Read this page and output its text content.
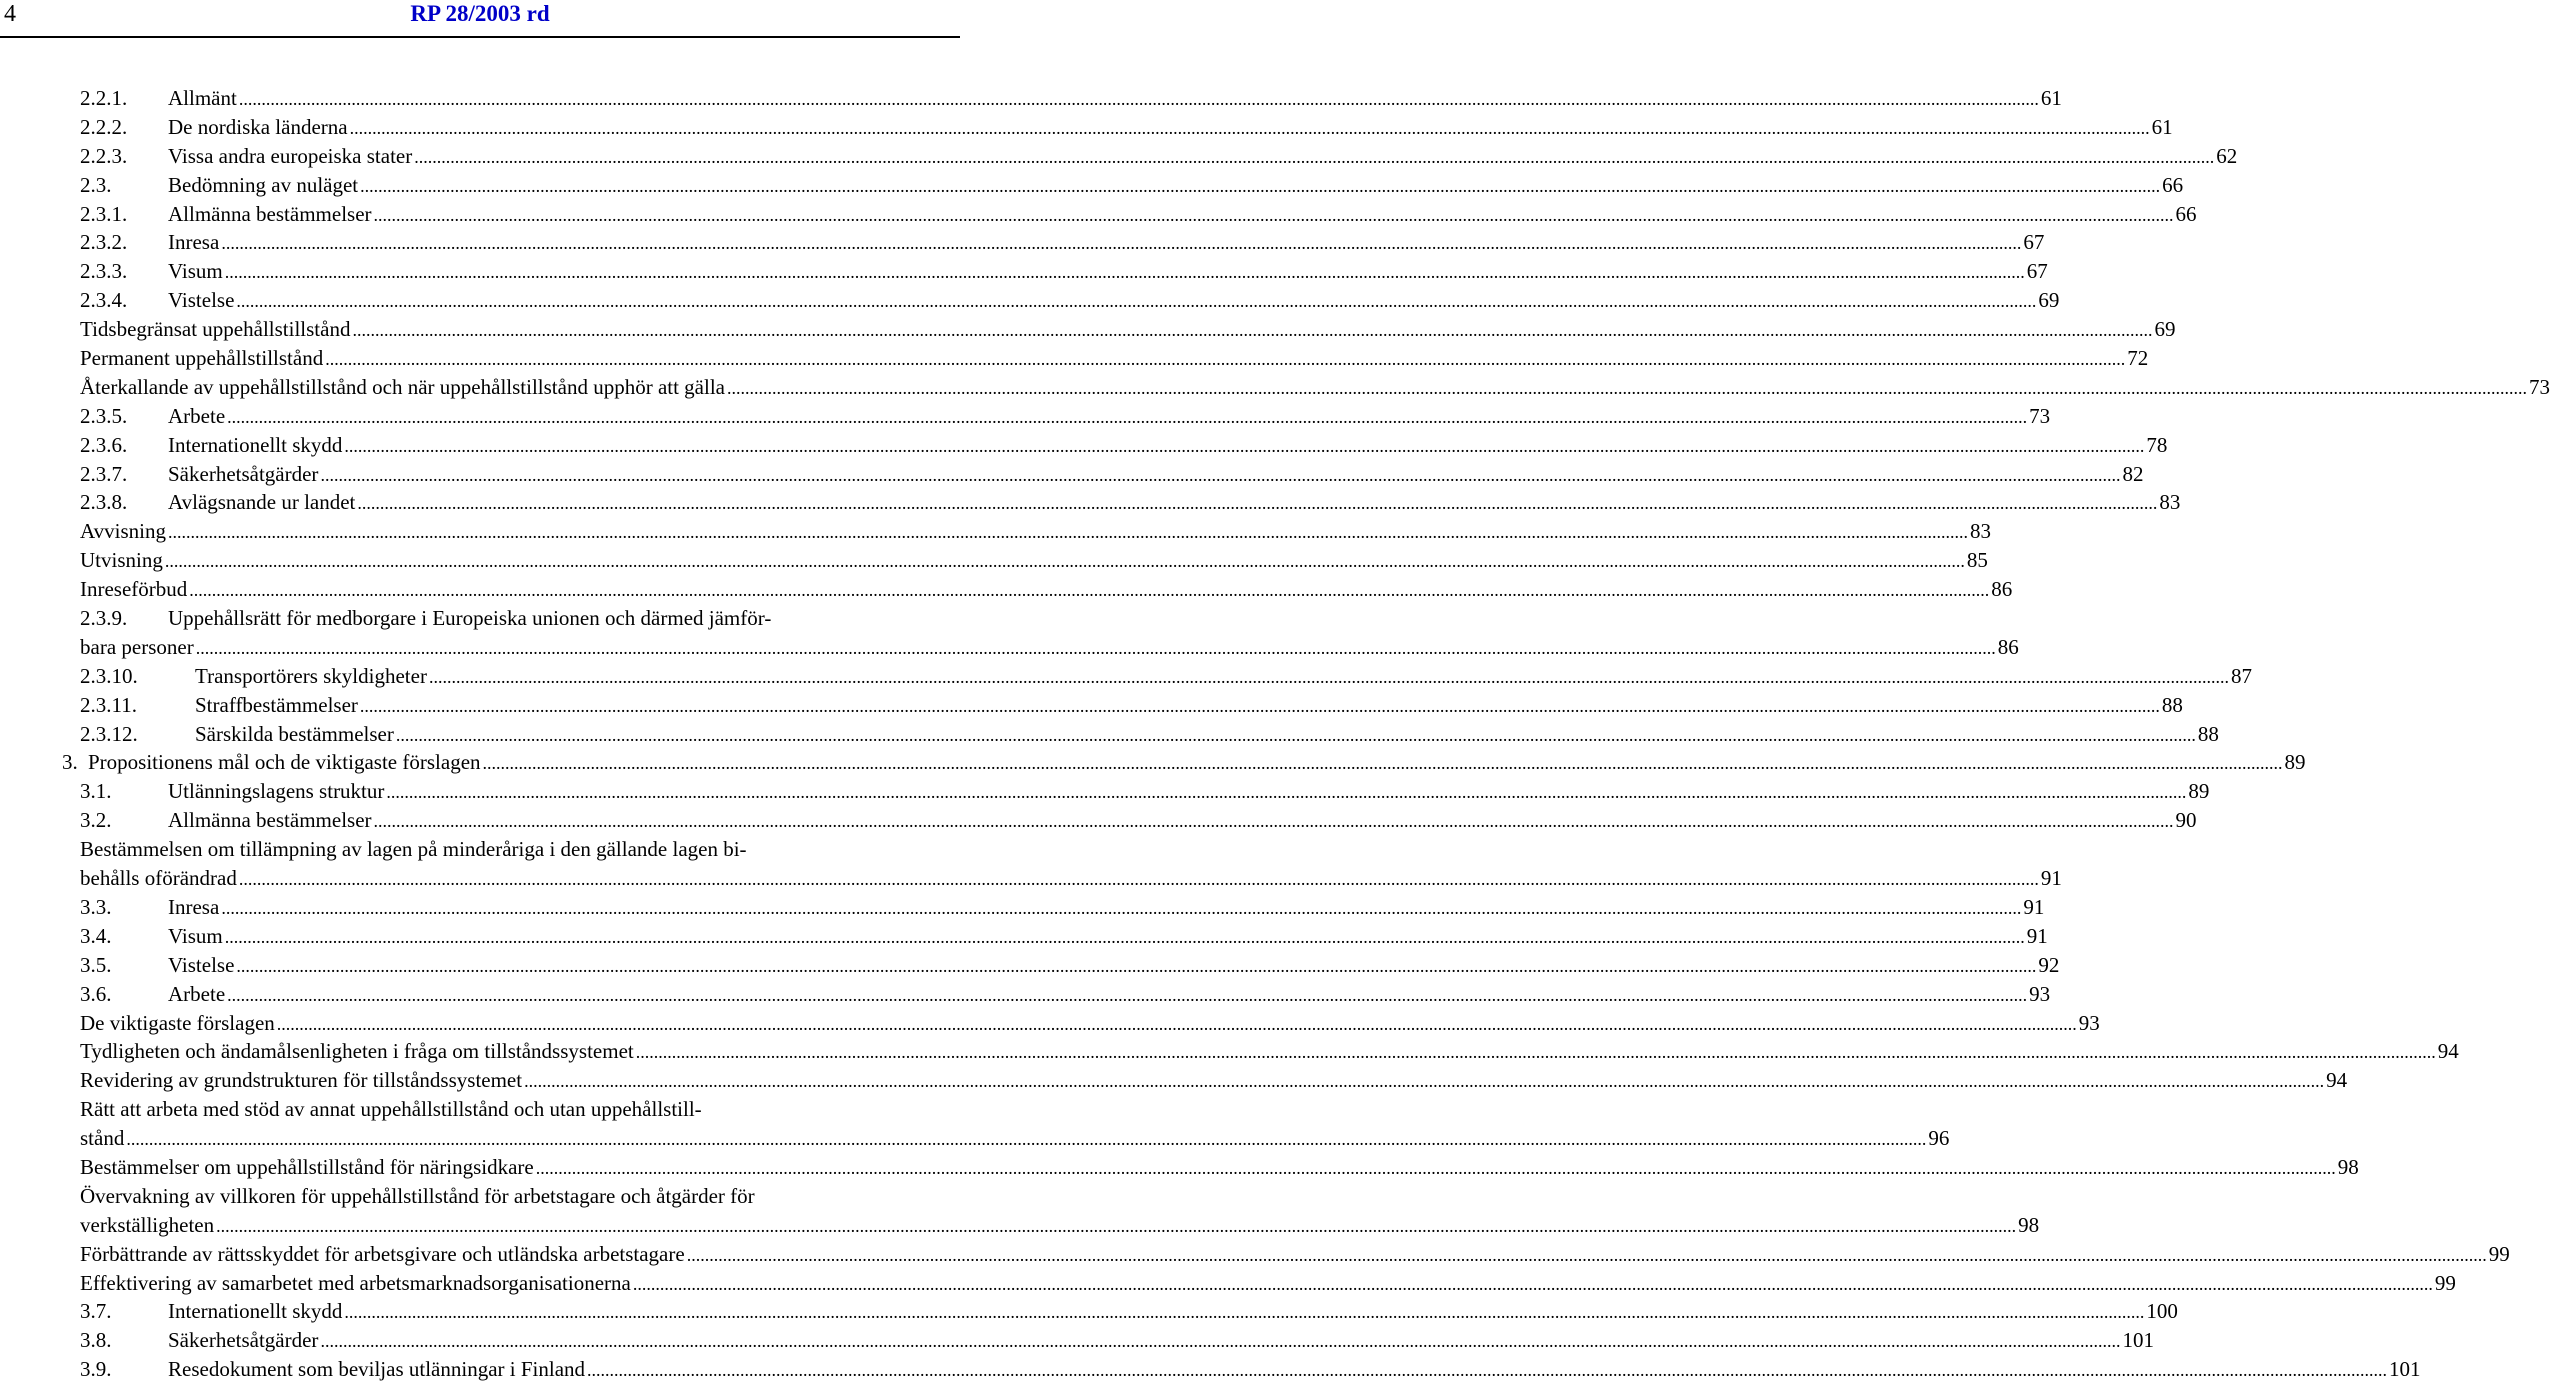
4	RP 28/2003 rd
2.2.1. Allmänt ................................................................................................................................................................................................................................................................................................................................................................................................................ 61
2.2.2. De nordiska länderna ................................................................................................................................................................................................................................................................................................................................................................................................................ 61
2.2.3. Vissa andra europeiska stater ................................................................................................................................................................................................................................................................................................................................................................................................................ 62
2.3.	Bedömning av nuläget ................................................................................................................................................................................................................................................................................................................................................................................................................ 66
2.3.1. Allmänna bestämmelser ................................................................................................................................................................................................................................................................................................................................................................................................................ 66
2.3.2. Inresa ................................................................................................................................................................................................................................................................................................................................................................................................................ 67
2.3.3. Visum ................................................................................................................................................................................................................................................................................................................................................................................................................ 67
2.3.4. Vistelse ................................................................................................................................................................................................................................................................................................................................................................................................................ 69
Tidsbegränsat uppehållstillstånd ................................................................................................................................................................................................................................................................................................................................................................................................................ 69
Permanent uppehållstillstånd ................................................................................................................................................................................................................................................................................................................................................................................................................ 72
Återkallande av uppehållstillstånd och när uppehållstillstånd upphör att gälla ................................................................................................................................................................................................................................................................................................................................................................................................................ 73
2.3.5. Arbete ................................................................................................................................................................................................................................................................................................................................................................................................................ 73
2.3.6. Internationellt skydd ................................................................................................................................................................................................................................................................................................................................................................................................................ 78
2.3.7. Säkerhetsåtgärder ................................................................................................................................................................................................................................................................................................................................................................................................................ 82
2.3.8. Avlägsnande ur landet ................................................................................................................................................................................................................................................................................................................................................................................................................ 83
Avvisning ................................................................................................................................................................................................................................................................................................................................................................................................................ 83
Utvisning ................................................................................................................................................................................................................................................................................................................................................................................................................ 85
Inreseförbud ................................................................................................................................................................................................................................................................................................................................................................................................................ 86
2.3.9. Uppehållsrätt för medborgare i Europeiska unionen och därmed jämför-
bara personer ................................................................................................................................................................................................................................................................................................................................................................................................................ 86
2.3.10.	Transportörers skyldigheter ................................................................................................................................................................................................................................................................................................................................................................................................................ 87
2.3.11.	Straffbestämmelser ................................................................................................................................................................................................................................................................................................................................................................................................................ 88
2.3.12.	Särskilda bestämmelser ................................................................................................................................................................................................................................................................................................................................................................................................................ 88
3. Propositionens mål och de viktigaste förslagen ................................................................................................................................................................................................................................................................................................................................................................................................................ 89
3.1.	Utlänningslagens struktur ................................................................................................................................................................................................................................................................................................................................................................................................................ 89
3.2.	Allmänna bestämmelser ................................................................................................................................................................................................................................................................................................................................................................................................................ 90
Bestämmelsen om tillämpning av lagen på minderåriga i den gällande lagen bi-
behålls oförändrad ................................................................................................................................................................................................................................................................................................................................................................................................................ 91
3.3.	Inresa ................................................................................................................................................................................................................................................................................................................................................................................................................ 91
3.4.	Visum ................................................................................................................................................................................................................................................................................................................................................................................................................ 91
3.5.	Vistelse ................................................................................................................................................................................................................................................................................................................................................................................................................ 92
3.6.	Arbete ................................................................................................................................................................................................................................................................................................................................................................................................................ 93
De viktigaste förslagen ................................................................................................................................................................................................................................................................................................................................................................................................................ 93
Tydligheten och ändamålsenligheten i fråga om tillståndssystemet ................................................................................................................................................................................................................................................................................................................................................................................................................ 94
Revidering av grundstrukturen för tillståndssystemet ................................................................................................................................................................................................................................................................................................................................................................................................................ 94
Rätt att arbeta med stöd av annat uppehållstillstånd och utan uppehållstill-
stånd ................................................................................................................................................................................................................................................................................................................................................................................................................ 96
Bestämmelser om uppehållstillstånd för näringsidkare ................................................................................................................................................................................................................................................................................................................................................................................................................ 98
Övervakning av villkoren för uppehållstillstånd för arbetstagare och åtgärder för
verkställigheten ................................................................................................................................................................................................................................................................................................................................................................................................................ 98
Förbättrande av rättsskyddet för arbetsgivare och utländska arbetstagare ................................................................................................................................................................................................................................................................................................................................................................................................................ 99
Effektivering av samarbetet med arbetsmarknadsorganisationerna ................................................................................................................................................................................................................................................................................................................................................................................................................ 99
3.7.	Internationellt skydd ................................................................................................................................................................................................................................................................................................................................................................................................................ 100
3.8.	Säkerhetsåtgärder ................................................................................................................................................................................................................................................................................................................................................................................................................ 101
3.9.	Resedokument som beviljas utlänningar i Finland ................................................................................................................................................................................................................................................................................................................................................................................................................ 101
